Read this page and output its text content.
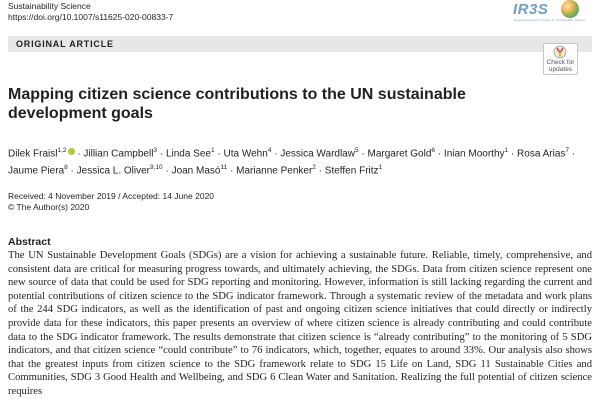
Sustainability Science
https://doi.org/10.1007/s11625-020-00833-7	IR3S
Integrated Research System for Sustainability Science
ORIGINAL ARTICLE
Check for
updates
Mapping citizen science contributions to the UN sustainable development goals

Dilek Fraisl$^{1,2}$ · Jillian Campbell$^3$ · Linda See$^1$ · Uta Wehn$^4$ · Jessica Wardlaw$^5$ · Margaret Gold$^6$ · Inian Moorthy$^1$ · Rosa Arias$^7$ · Jaume Piera$^8$ · Jessica L. Oliver$^{9,10}$ · Joan Masó$^{11}$ · Marianne Penker$^2$ · Steffen Fritz$^1$

Received: 4 November 2019 / Accepted: 14 June 2020
© The Author(s) 2020
Abstract

The UN Sustainable Development Goals (SDGs) are a vision for achieving a sustainable future. Reliable, timely, comprehensive, and consistent data are critical for measuring progress towards, and ultimately achieving, the SDGs. Data from citizen science represent one new source of data that could be used for SDG reporting and monitoring. However, information is still lacking regarding the current and potential contributions of citizen science to the SDG indicator framework. Through a systematic review of the metadata and work plans of the 244 SDG indicators, as well as the identification of past and ongoing citizen science initiatives that could directly or indirectly provide data for these indicators, this paper presents an overview of where citizen science is already contributing and could contribute data to the SDG indicator framework. The results demonstrate that citizen science is “already contributing” to the monitoring of 5 SDG indicators, and that citizen science “could contribute” to 76 indicators, which, together, equates to around 33%. Our analysis also shows that the greatest inputs from citizen science to the SDG framework relate to SDG 15 Life on Land, SDG 11 Sustainable Cities and Communities, SDG 3 Good Health and Wellbeing, and SDG 6 Clean Water and Sanitation. Realizing the full potential of citizen science requires
